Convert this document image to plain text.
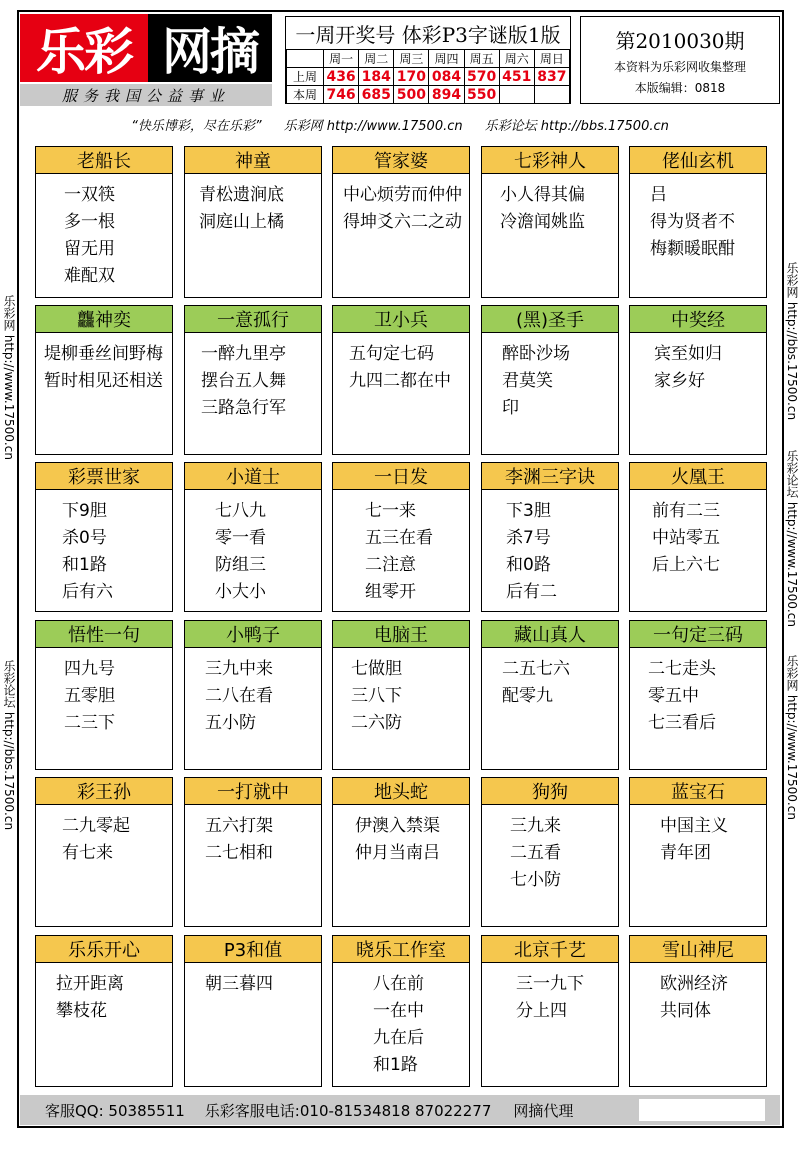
乐彩 网摘
服务我国公益事业
一周开奖号 体彩P3字谜版1版
	周一	周二	周三	周四	周五	周六	周日
上周	436	184	170	084	570	451	837
本周	746	685	500	894	550		
第2010030期
本资料为乐彩网收集整理
本版编辑：0818
“快乐博彩，尽在乐彩” 乐彩网 http://www.17500.cn 乐彩论坛 http://bbs.17500.cn
乐彩网 http://www.17500.cn
乐彩论坛 http://bbs.17500.cn
乐彩网 http://bbs.17500.cn
乐彩论坛 http://www.17500.cn
乐彩网 http://www.17500.cn
老船长
一双筷
多一根
留无用
难配双
神童
青松遗涧底
洞庭山上橘
管家婆
中心烦劳而仲仲
得坤爻六二之动
七彩神人
小人得其偏
冷澹闻姚监
佬仙玄机
吕
得为贤者不
梅颣暖眠酣
龘神奕
堤柳垂丝间野梅
暂时相见还相送
一意孤行
一醉九里亭
摆台五人舞
三路急行军
卫小兵
五句定七码
九四二都在中
(黑)圣手
醉卧沙场
君莫笑
印
中奖经
宾至如归
家乡好
彩票世家
下9胆
杀0号
和1路
后有六
小道士
七八九
零一看
防组三
小大小
一日发
七一来
五三在看
二注意
组零开
李渊三字诀
下3胆
杀7号
和0路
后有二
火凰王
前有二三
中站零五
后上六七
悟性一句
四九号
五零胆
二三下
小鸭子
三九中来
二八在看
五小防
电脑王
七做胆
三八下
二六防
藏山真人
二五七六
配零九
一句定三码
二七走头
零五中
七三看后
彩王孙
二九零起
有七来
一打就中
五六打架
二七相和
地头蛇
伊澳入禁渠
仲月当南吕
狗狗
三九来
二五看
七小防
蓝宝石
中国主义
青年团
乐乐开心
拉开距离
攀枝花
P3和值
朝三暮四
晓乐工作室
八在前
一在中
九在后
和1路
北京千艺
三一九下
分上四
雪山神尼
欧洲经济
共同体
客服QQ: 50385511 乐彩客服电话:010-81534818 87022277 网摘代理
